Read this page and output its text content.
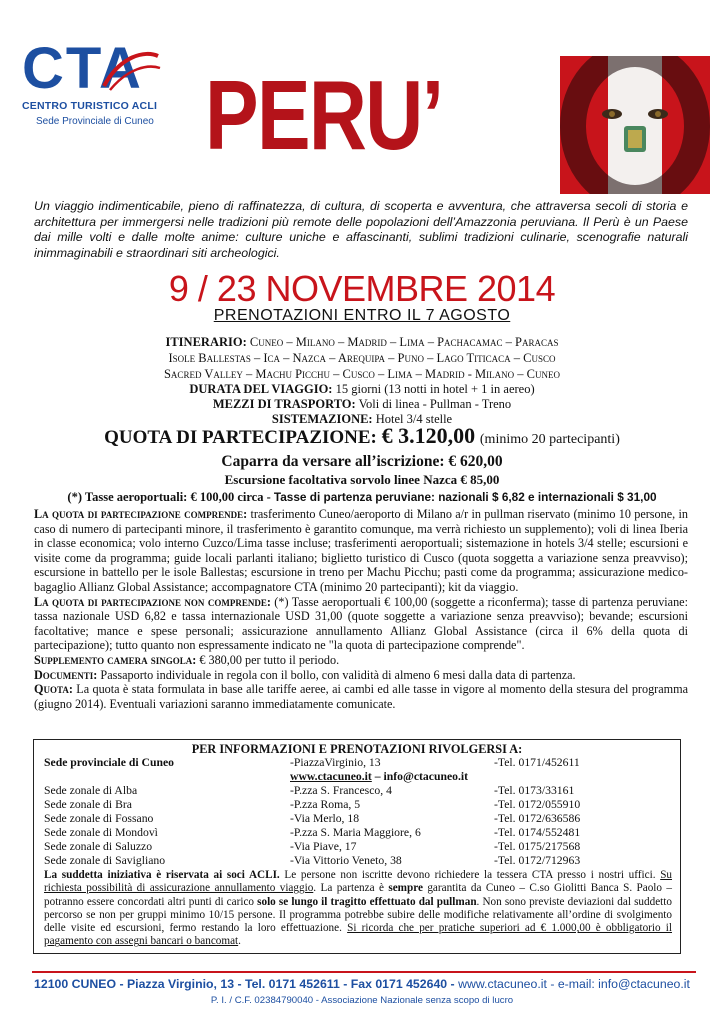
CTA
CENTRO TURISTICO ACLI
Sede Provinciale di Cuneo PERU’
Un viaggio indimenticabile, pieno di raffinatezza, di cultura, di scoperta e avventura, che attraversa secoli di storia e architettura per immergersi nelle tradizioni più remote delle popolazioni dell’Amazzonia peruviana. Il Perù è un Paese dai mille volti e dalle molte anime: culture uniche e affascinanti, sublimi tradizioni culinarie, scenografie naturali inimmaginabili e straordinari siti archeologici.
9 / 23 NOVEMBRE 2014
PRENOTAZIONI ENTRO IL 7 AGOSTO
ITINERARIO: Cuneo – Milano – Madrid – Lima – Pachacamac – Paracas
Isole Ballestas – Ica – Nazca – Arequipa – Puno – Lago Titicaca – Cusco
Sacred Valley – Machu Picchu – Cusco – Lima – Madrid - Milano – Cuneo
DURATA DEL VIAGGIO: 15 giorni (13 notti in hotel + 1 in aereo)
MEZZI DI TRASPORTO: Voli di linea - Pullman - Treno
SISTEMAZIONE: Hotel 3/4 stelle
QUOTA DI PARTECIPAZIONE: € 3.120,00 (minimo 20 partecipanti)
Caparra da versare all’iscrizione: € 620,00
Escursione facoltativa sorvolo linee Nazca € 85,00
(*) Tasse aeroportuali: € 100,00 circa - Tasse di partenza peruviane: nazionali $ 6,82 e internazionali $ 31,00

La quota di partecipazione comprende: trasferimento Cuneo/aeroporto di Milano a/r in pullman riservato (minimo 10 persone, in caso di numero di partecipanti minore, il trasferimento è garantito comunque, ma verrà richiesto un supplemento); voli di linea Iberia in classe economica; volo interno Cuzco/Lima tasse incluse; trasferimenti aeroportuali; sistemazione in hotels 3/4 stelle; escursioni e visite come da programma; guide locali parlanti italiano; biglietto turistico di Cusco (quota soggetta a variazione senza preavviso); escursione in battello per le isole Ballestas; escursione in treno per Machu Picchu; pasti come da programma; assicurazione medico-bagaglio Allianz Global Assistance; accompagnatore CTA (minimo 20 partecipanti); kit da viaggio.

La quota di partecipazione non comprende: (*) Tasse aeroportuali € 100,00 (soggette a riconferma); tasse di partenza peruviane: tassa nazionale USD 6,82 e tassa internazionale USD 31,00 (quote soggette a variazione senza preavviso); bevande; escursioni facoltative; mance e spese personali; assicurazione annullamento Allianz Global Assistance (circa il 6% della quota di partecipazione); tutto quanto non espressamente indicato ne "la quota di partecipazione comprende".

Supplemento camera singola: € 380,00 per tutto il periodo.

Documenti: Passaporto individuale in regola con il bollo, con validità di almeno 6 mesi dalla data di partenza.

Quota: La quota è stata formulata in base alle tariffe aeree, ai cambi ed alle tasse in vigore al momento della stesura del programma (giugno 2014). Eventuali variazioni saranno immediatamente comunicate.

PER INFORMAZIONI E PRENOTAZIONI RIVOLGERSI A:
Sede provinciale di Cuneo	-PiazzaVirginio, 13	-Tel. 0171/452611
www.ctacuneo.it – info@ctacuneo.it
Sede zonale di Alba	-P.zza S. Francesco, 4	-Tel. 0173/33161
Sede zonale di Bra	-P.zza Roma, 5	-Tel. 0172/055910
Sede zonale di Fossano	-Via Merlo, 18	-Tel. 0172/636586
Sede zonale di Mondovì	-P.zza S. Maria Maggiore, 6	-Tel. 0174/552481
Sede zonale di Saluzzo	-Via Piave, 17	-Tel. 0175/217568
Sede zonale di Savigliano	-Via Vittorio Veneto, 38	-Tel. 0172/712963
La suddetta iniziativa è riservata ai soci ACLI. Le persone non iscritte devono richiedere la tessera CTA presso i nostri uffici. Su richiesta possibilità di assicurazione annullamento viaggio. La partenza è sempre garantita da Cuneo – C.so Giolitti Banca S. Paolo – potranno essere concordati altri punti di carico solo se lungo il tragitto effettuato dal pullman. Non sono previste deviazioni dal suddetto percorso se non per gruppi minimo 10/15 persone. Il programma potrebbe subire delle modifiche relativamente all’ordine di svolgimento delle visite ed escursioni, fermo restando la loro effettuazione. Si ricorda che per pratiche superiori ad € 1.000,00 è obbligatorio il pagamento con assegni bancari o bancomat.
12100 CUNEO - Piazza Virginio, 13 - Tel. 0171 452611 - Fax 0171 452640 - www.ctacuneo.it - e-mail: info@ctacuneo.it
P. I. / C.F. 02384790040 - Associazione Nazionale senza scopo di lucro
